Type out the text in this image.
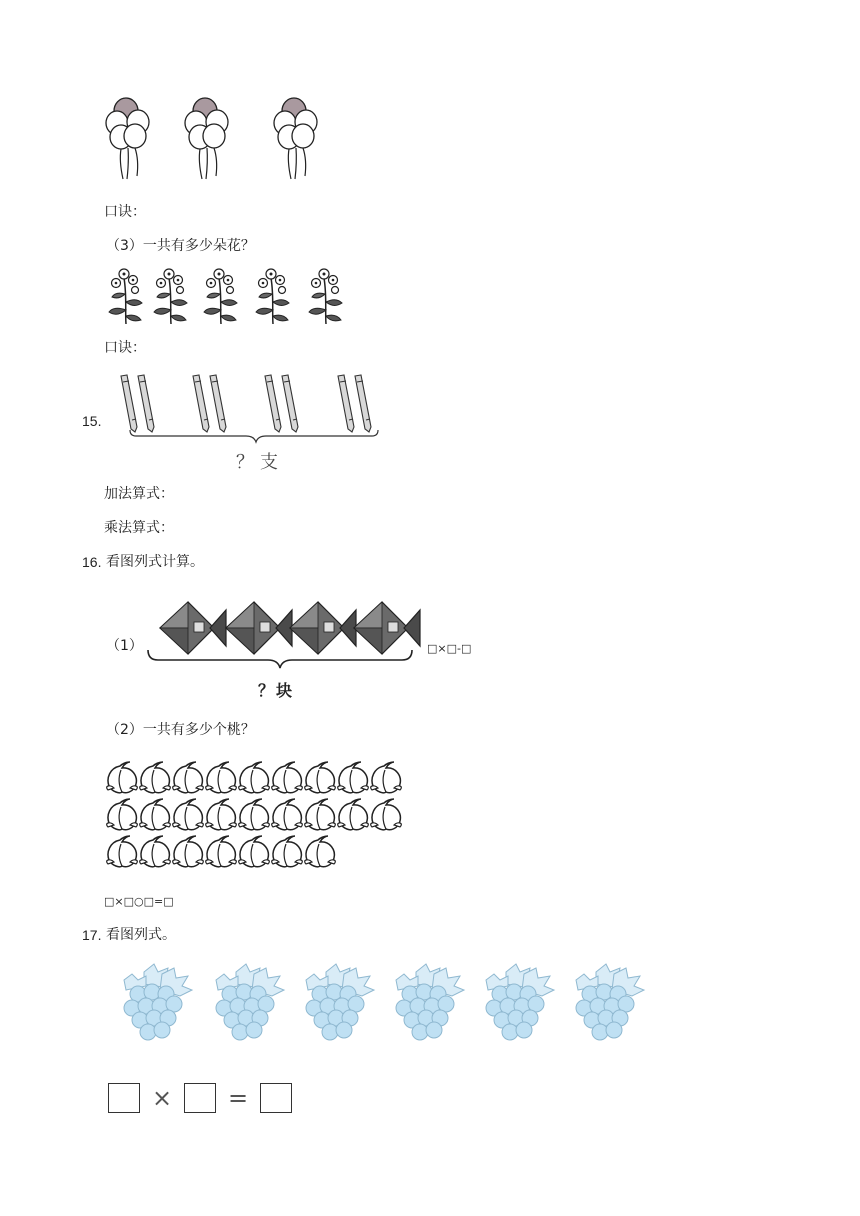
口诀：
（3）一共有多少朵花？
口诀：
15.
？支
加法算式：
乘法算式：
16. 看图列式计算。
（1）	□×□-□
？块
（2）一共有多少个桃？
□×□○□=□
17. 看图列式。
× =
